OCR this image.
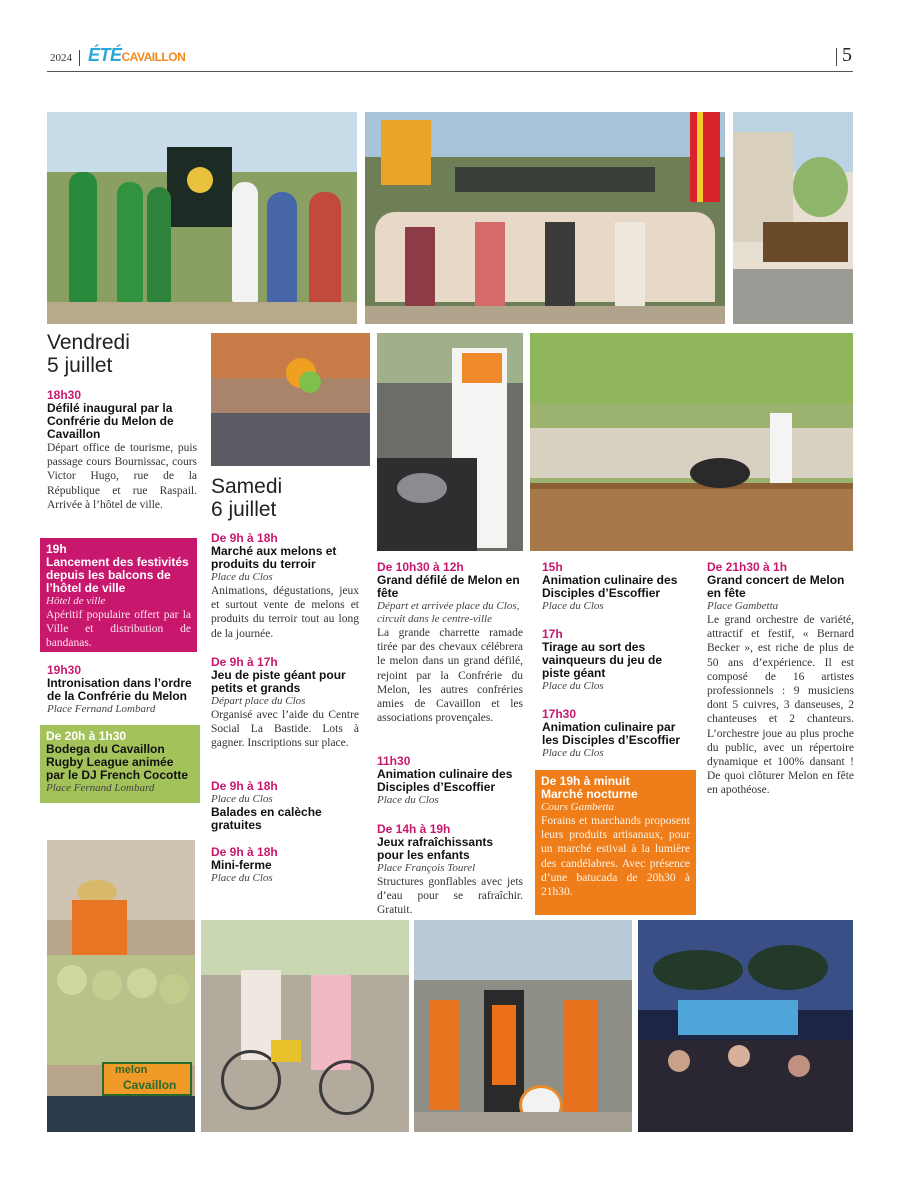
2024 ÉTÉCAVAILLON	5
melon
Cavaillon
Vendredi
5 juillet
18h30
Défilé inaugural par la Confrérie du Melon de Cavaillon
Départ office de tourisme, puis passage cours Bournissac, cours Victor Hugo, rue de la République et rue Raspail. Arrivée à l’hôtel de ville.
19h
Lancement des festivités depuis les balcons de l’hôtel de ville
Hôtel de ville
Apéritif populaire offert par la Ville et distribution de bandanas.
19h30
Intronisation dans l’ordre de la Confrérie du Melon
Place Fernand Lombard
De 20h à 1h30
Bodega du Cavaillon Rugby League animée par le DJ French Cocotte
Place Fernand Lombard
Samedi
6 juillet
De 9h à 18h
Marché aux melons et produits du terroir
Place du Clos
Animations, dégustations, jeux et surtout vente de melons et produits du terroir tout au long de la journée.
De 9h à 17h
Jeu de piste géant pour petits et grands
Départ place du Clos
Organisé avec l’aide du Centre Social La Bastide. Lots à gagner. Inscriptions sur place.
De 9h à 18h
Place du Clos
Balades en calèche gratuites
De 9h à 18h
Mini-ferme
Place du Clos
De 10h30 à 12h
Grand défilé de Melon en fête
Départ et arrivée place du Clos, circuit dans le centre-ville
La grande charrette ramade tirée par des chevaux célébrera le melon dans un grand défilé, rejoint par la Confrérie du Melon, les autres confréries amies de Cavaillon et les associations provençales.
11h30
Animation culinaire des Disciples d’Escoffier
Place du Clos
De 14h à 19h
Jeux rafraîchissants pour les enfants
Place François Tourel
Structures gonflables avec jets d’eau pour se rafraîchir. Gratuit.
15h
Animation culinaire des Disciples d’Escoffier
Place du Clos
17h
Tirage au sort des vainqueurs du jeu de piste géant
Place du Clos
17h30
Animation culinaire par les Disciples d’Escoffier
Place du Clos
De 19h à minuit
Marché nocturne
Cours Gambetta
Forains et marchands proposent leurs produits artisanaux, pour un marché estival à la lumière des candélabres. Avec présence d’une batucada de 20h30 à 21h30.
De 21h30 à 1h
Grand concert de Melon en fête
Place Gambetta
Le grand orchestre de variété, attractif et festif, « Bernard Becker », est riche de plus de 50 ans d’expérience. Il est composé de 16 artistes professionnels : 9 musiciens dont 5 cuivres, 3 danseuses, 2 chanteuses et 2 chanteurs. L’orchestre joue au plus proche du public, avec un répertoire dynamique et 100% dansant ! De quoi clôturer Melon en fête en apothéose.
